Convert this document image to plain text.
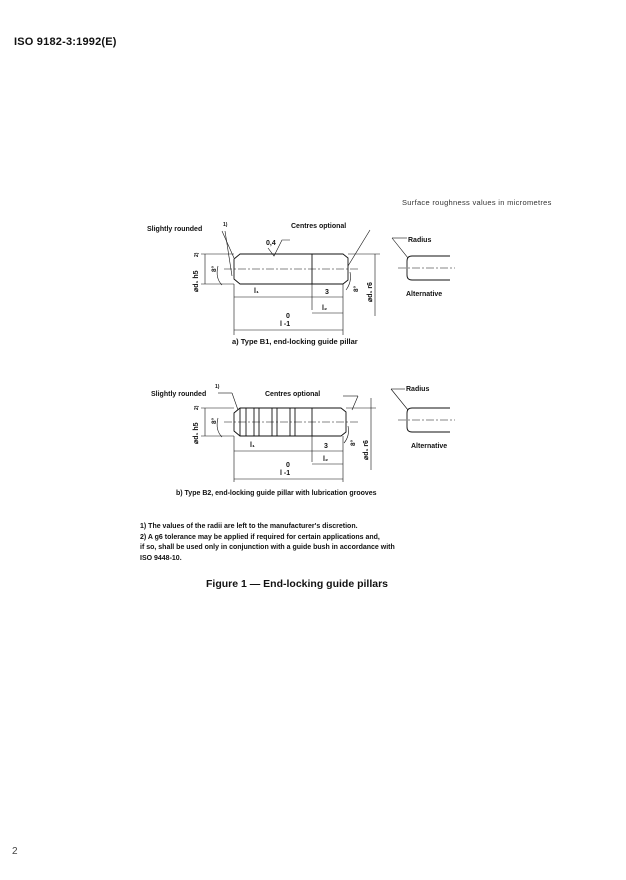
ISO 9182-3:1992(E)
Surface roughness values in micrometres
Slightly rounded
1)	Centres optional
0,4
⌀d₁ h5
2)
8°
⌀d₁ r6
8°
l₁	3
l₂
0
l -1
Radius
Alternative
Slightly rounded
1)
Centres optional
⌀d₁ h5
2)
8°
⌀d₁ r6
8°
l₁	3
l₂
0
l -1
Radius
Alternative
a) Type B1, end-locking guide pillar
b) Type B2, end-locking guide pillar with lubrication grooves
1) The values of the radii are left to the manufacturer's discretion.
2) A g6 tolerance may be applied if required for certain applications and,
if so, shall be used only in conjunction with a guide bush in accordance with
ISO 9448-10.
Figure 1 — End-locking guide pillars
2
